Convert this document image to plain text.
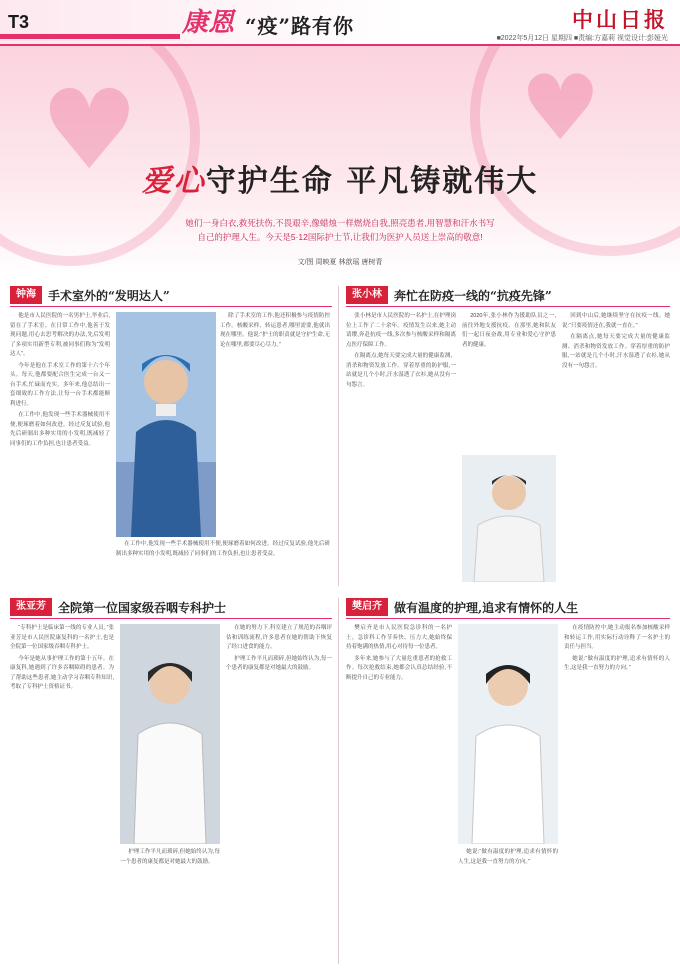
T3	康恩 “疫”路有你	中山日报
■2022年5月12日 星期四 ■责编:方嘉莉 视觉设计:彭娅光
♥	♥
爱心守护生命 平凡铸就伟大
她们一身白衣,救死扶伤,不畏艰辛,像蜡烛一样燃烧自我,照亮患者,用智慧和汗水书写
自己的护理人生。今天是5·12国际护士节,让我们为医护人员送上崇高的敬意!
文/图 周映夏 林歆瑶 唐树青
钟海	手术室外的“发明达人”

他是市人民医院的一名男护士,毕业后,留在了手术室。在日常工作中,他善于发现问题,用心去思考解决的办法,先后发明了多项实用新型专利,被同事们称为“发明达人”。

今年是他在手术室工作的第十六个年头。每天,他都要配合医生完成一台又一台手术,忙碌而充实。多年来,他总结出一套细致的工作方法,让每一台手术都能顺利进行。

在工作中,他发现一些手术器械使用不便,便琢磨着如何改进。经过反复试验,他先后研制出多种实用的小发明,既减轻了同事们的工作负担,也让患者受益。

除了手术室的工作,他还积极参与疫情防控工作。核酸采样、转运患者,哪里需要,他就出现在哪里。他说:“护士的职责就是守护生命,无论在哪里,都要尽心尽力。”

在工作中,他发现一些手术器械使用不便,便琢磨着如何改进。经过反复试验,他先后研制出多种实用的小发明,既减轻了同事们的工作负担,也让患者受益。

张小林	奔忙在防疫一线的“抗疫先锋”

张小林是市人民医院的一名护士,在护理岗位上工作了二十余年。疫情发生以来,她主动请缨,奔赴抗疫一线,多次参与核酸采样和隔离点医疗保障工作。

在隔离点,她每天要完成大量的健康监测、消杀和物资发放工作。穿着厚重的防护服,一站就是几个小时,汗水湿透了衣衫,她从没有一句怨言。

2020年,张小林作为援助队员之一,前往外地支援抗疫。在那里,她和队友们一起日夜奋战,用专业和爱心守护患者的健康。

回到中山后,她继续坚守在抗疫一线。她说:“只要疫情还在,我就一直在。”

在隔离点,她每天要完成大量的健康监测、消杀和物资发放工作。穿着厚重的防护服,一站就是几个小时,汗水湿透了衣衫,她从没有一句怨言。

张亚芳	全院第一位国家级吞咽专科护士

“专科护士是临床第一线的专业人员。”张亚芳是市人民医院康复科的一名护士,也是全院第一位国家级吞咽专科护士。

今年是她从事护理工作的第十五年。在康复科,她遇到了许多吞咽障碍的患者。为了帮助这些患者,她主动学习吞咽专科知识,考取了专科护士资格证书。

在她的努力下,科室建立了规范的吞咽评估和训练流程,许多患者在她的帮助下恢复了经口进食的能力。

护理工作平凡而琐碎,但她始终认为,每一个患者的康复都是对她最大的鼓励。

护理工作平凡而琐碎,但她始终认为,每一个患者的康复都是对她最大的鼓励。

樊启齐	做有温度的护理,追求有情怀的人生

樊启齐是市人民医院急诊科的一名护士。急诊科工作节奏快、压力大,她始终保持着饱满的热情,用心对待每一位患者。

多年来,她参与了大量危重患者的抢救工作。每次抢救结束,她都会认真总结经验,不断提升自己的专业能力。

在疫情防控中,她主动报名参加核酸采样和转运工作,用实际行动诠释了一名护士的责任与担当。

她说:“做有温度的护理,追求有情怀的人生,这是我一直努力的方向。”

她说:“做有温度的护理,追求有情怀的人生,这是我一直努力的方向。”
